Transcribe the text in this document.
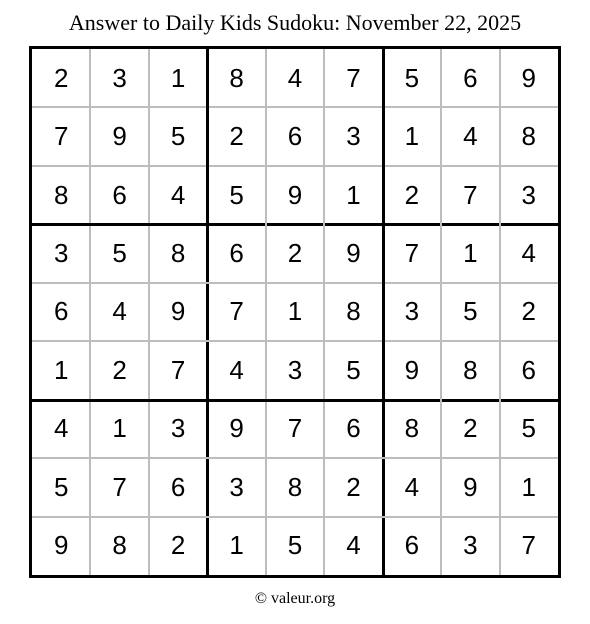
Answer to Daily Kids Sudoku: November 22, 2025
2	3	1	8	4	7	5	6	9
7	9	5	2	6	3	1	4	8
8	6	4	5	9	1	2	7	3
3	5	8	6	2	9	7	1	4
6	4	9	7	1	8	3	5	2
1	2	7	4	3	5	9	8	6
4	1	3	9	7	6	8	2	5
5	7	6	3	8	2	4	9	1
9	8	2	1	5	4	6	3	7
© valeur.org
